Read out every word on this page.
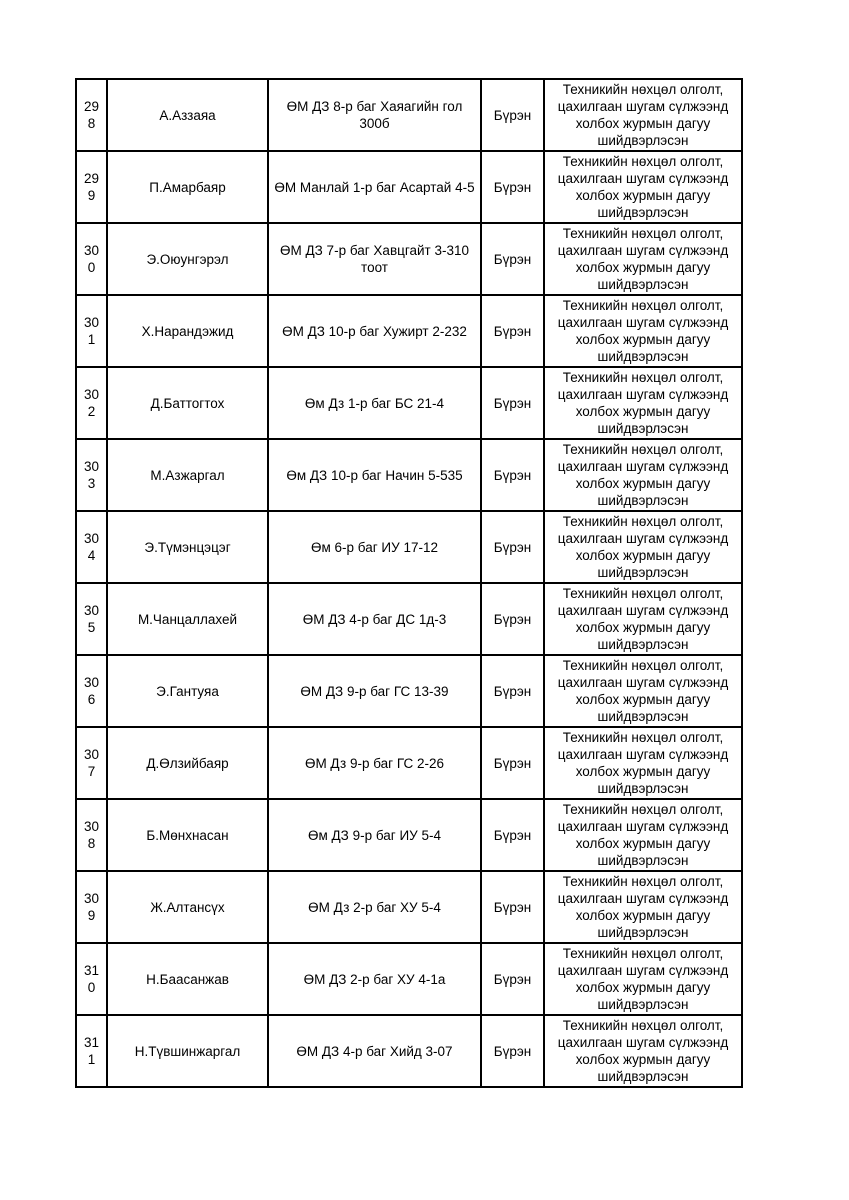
298	А.Аззаяа	ӨМ ДЗ 8-р баг Хаяагийн гол 300б	Бүрэн	Техникийн нөхцөл олголт, цахилгаан шугам сүлжээнд холбох журмын дагуу шийдвэрлэсэн
299	П.Амарбаяр	ӨМ Манлай 1-р баг Асартай 4-5	Бүрэн	Техникийн нөхцөл олголт, цахилгаан шугам сүлжээнд холбох журмын дагуу шийдвэрлэсэн
300	Э.Оюунгэрэл	ӨМ ДЗ 7-р баг Хавцгайт 3-310 тоот	Бүрэн	Техникийн нөхцөл олголт, цахилгаан шугам сүлжээнд холбох журмын дагуу шийдвэрлэсэн
301	Х.Нарандэжид	ӨМ ДЗ 10-р баг Хужирт 2-232	Бүрэн	Техникийн нөхцөл олголт, цахилгаан шугам сүлжээнд холбох журмын дагуу шийдвэрлэсэн
302	Д.Баттогтох	Өм Дз 1-р баг БС 21-4	Бүрэн	Техникийн нөхцөл олголт, цахилгаан шугам сүлжээнд холбох журмын дагуу шийдвэрлэсэн
303	М.Азжаргал	Өм ДЗ 10-р баг Начин 5-535	Бүрэн	Техникийн нөхцөл олголт, цахилгаан шугам сүлжээнд холбох журмын дагуу шийдвэрлэсэн
304	Э.Түмэнцэцэг	Өм 6-р баг ИУ 17-12	Бүрэн	Техникийн нөхцөл олголт, цахилгаан шугам сүлжээнд холбох журмын дагуу шийдвэрлэсэн
305	М.Чанцаллахей	ӨМ ДЗ 4-р баг ДС 1д-3	Бүрэн	Техникийн нөхцөл олголт, цахилгаан шугам сүлжээнд холбох журмын дагуу шийдвэрлэсэн
306	Э.Гантуяа	ӨМ ДЗ 9-р баг ГС 13-39	Бүрэн	Техникийн нөхцөл олголт, цахилгаан шугам сүлжээнд холбох журмын дагуу шийдвэрлэсэн
307	Д.Өлзийбаяр	ӨМ Дз 9-р баг ГС 2-26	Бүрэн	Техникийн нөхцөл олголт, цахилгаан шугам сүлжээнд холбох журмын дагуу шийдвэрлэсэн
308	Б.Мөнхнасан	Өм ДЗ 9-р баг ИУ 5-4	Бүрэн	Техникийн нөхцөл олголт, цахилгаан шугам сүлжээнд холбох журмын дагуу шийдвэрлэсэн
309	Ж.Алтансүх	ӨМ Дз 2-р баг ХУ 5-4	Бүрэн	Техникийн нөхцөл олголт, цахилгаан шугам сүлжээнд холбох журмын дагуу шийдвэрлэсэн
310	Н.Баасанжав	ӨМ ДЗ 2-р баг ХУ 4-1а	Бүрэн	Техникийн нөхцөл олголт, цахилгаан шугам сүлжээнд холбох журмын дагуу шийдвэрлэсэн
311	Н.Түвшинжаргал	ӨМ ДЗ 4-р баг Хийд 3-07	Бүрэн	Техникийн нөхцөл олголт, цахилгаан шугам сүлжээнд холбох журмын дагуу шийдвэрлэсэн
